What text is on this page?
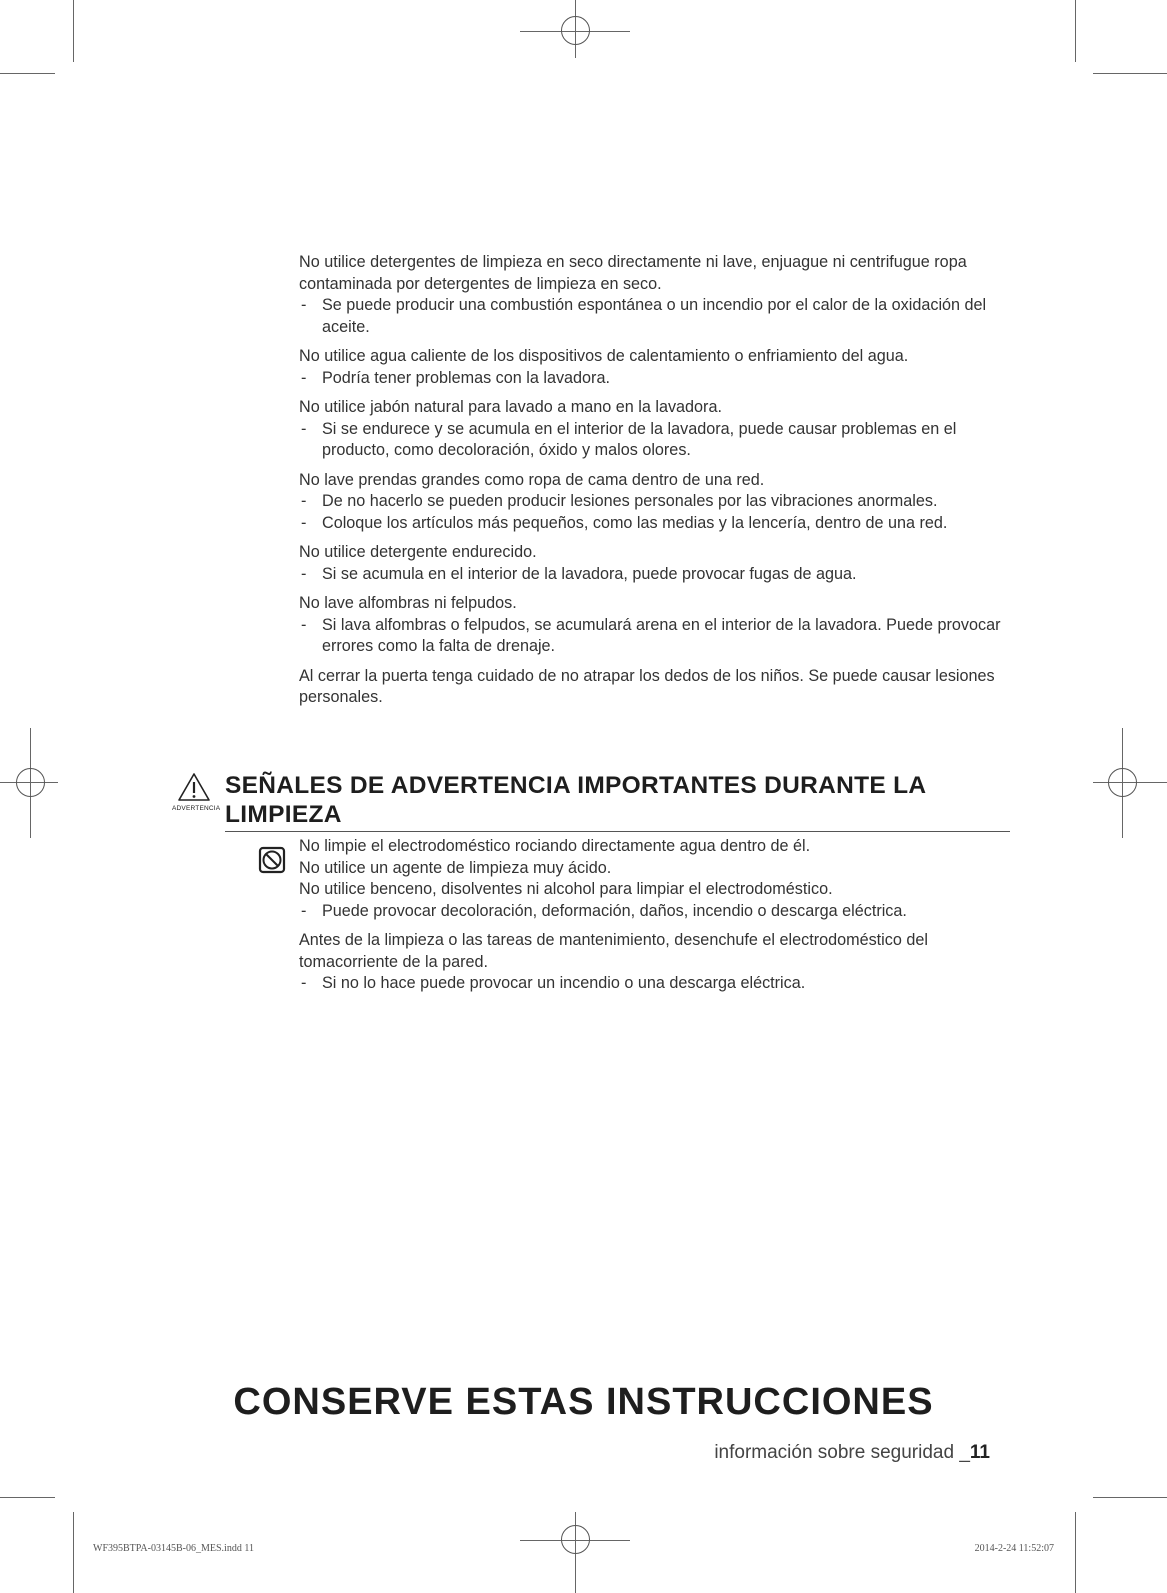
No utilice detergentes de limpieza en seco directamente ni lave, enjuague ni centrifugue ropa contaminada por detergentes de limpieza en seco.
- Se puede producir una combustión espontánea o un incendio por el calor de la oxidación del aceite.
No utilice agua caliente de los dispositivos de calentamiento o enfriamiento del agua.
- Podría tener problemas con la lavadora.
No utilice jabón natural para lavado a mano en la lavadora.
- Si se endurece y se acumula en el interior de la lavadora, puede causar problemas en el producto, como decoloración, óxido y malos olores.
No lave prendas grandes como ropa de cama dentro de una red.
- De no hacerlo se pueden producir lesiones personales por las vibraciones anormales.
- Coloque los artículos más pequeños, como las medias y la lencería, dentro de una red.
No utilice detergente endurecido.
- Si se acumula en el interior de la lavadora, puede provocar fugas de agua.
No lave alfombras ni felpudos.
- Si lava alfombras o felpudos, se acumulará arena en el interior de la lavadora. Puede provocar errores como la falta de drenaje.
Al cerrar la puerta tenga cuidado de no atrapar los dedos de los niños. Se puede causar lesiones personales.
ADVERTENCIA
SEÑALES DE ADVERTENCIA IMPORTANTES DURANTE LA
LIMPIEZA
No limpie el electrodoméstico rociando directamente agua dentro de él.
No utilice un agente de limpieza muy ácido.
No utilice benceno, disolventes ni alcohol para limpiar el electrodoméstico.
- Puede provocar decoloración, deformación, daños, incendio o descarga eléctrica.
Antes de la limpieza o las tareas de mantenimiento, desenchufe el electrodoméstico del tomacorriente de la pared.
- Si no lo hace puede provocar un incendio o una descarga eléctrica.
CONSERVE ESTAS INSTRUCCIONES
información sobre seguridad _11
WF395BTPA-03145B-06_MES.indd 11	2014-2-24 11:52:07
